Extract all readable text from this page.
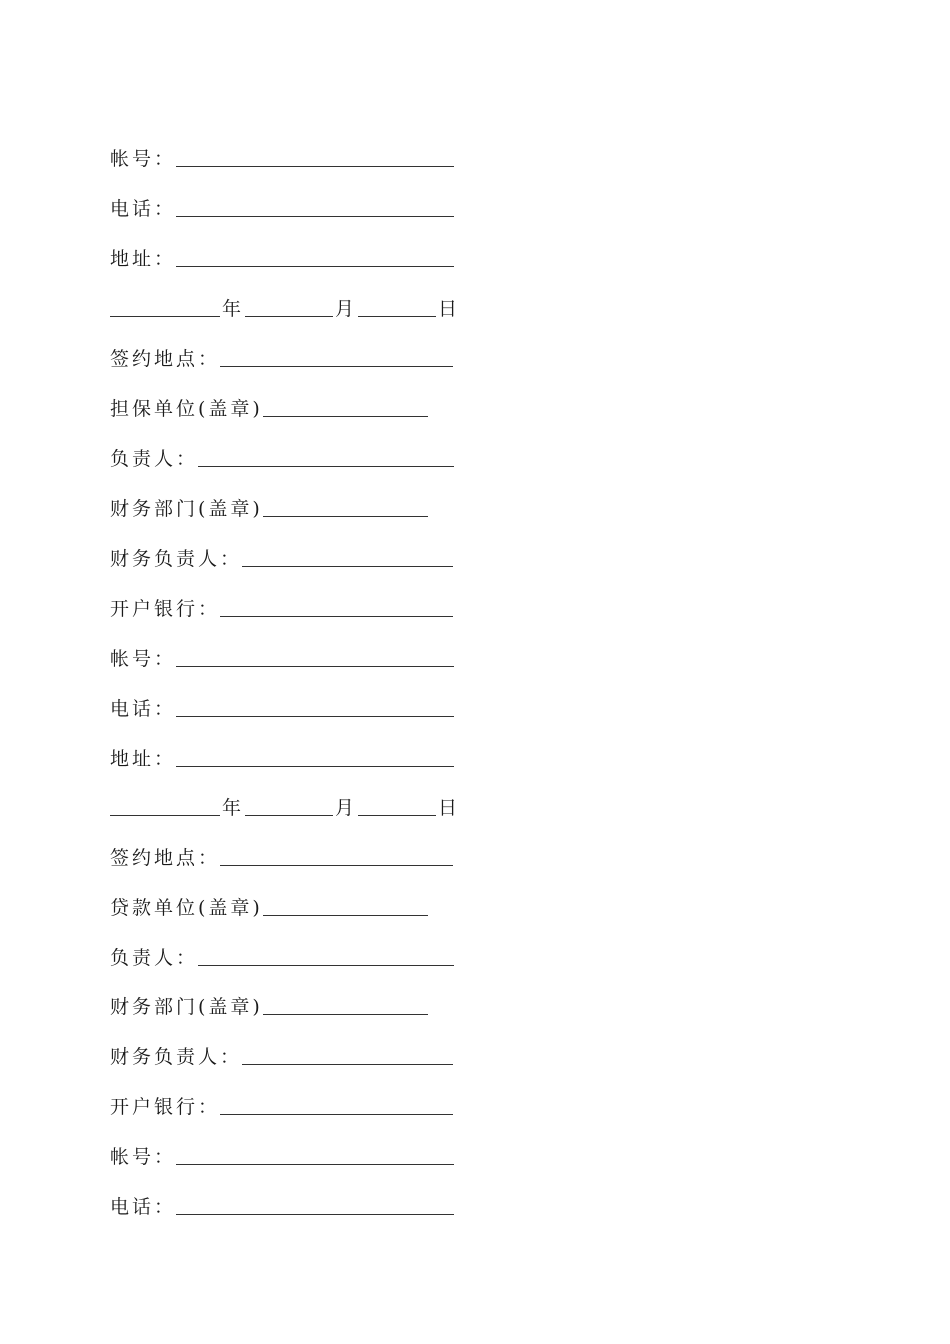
帐号：
电话：
地址：
年	月	日
签约地点：
担保单位(盖章)
负责人：
财务部门(盖章)
财务负责人：
开户银行：
帐号：
电话：
地址：
年	月	日
签约地点：
贷款单位(盖章)
负责人：
财务部门(盖章)
财务负责人：
开户银行：
帐号：
电话：
